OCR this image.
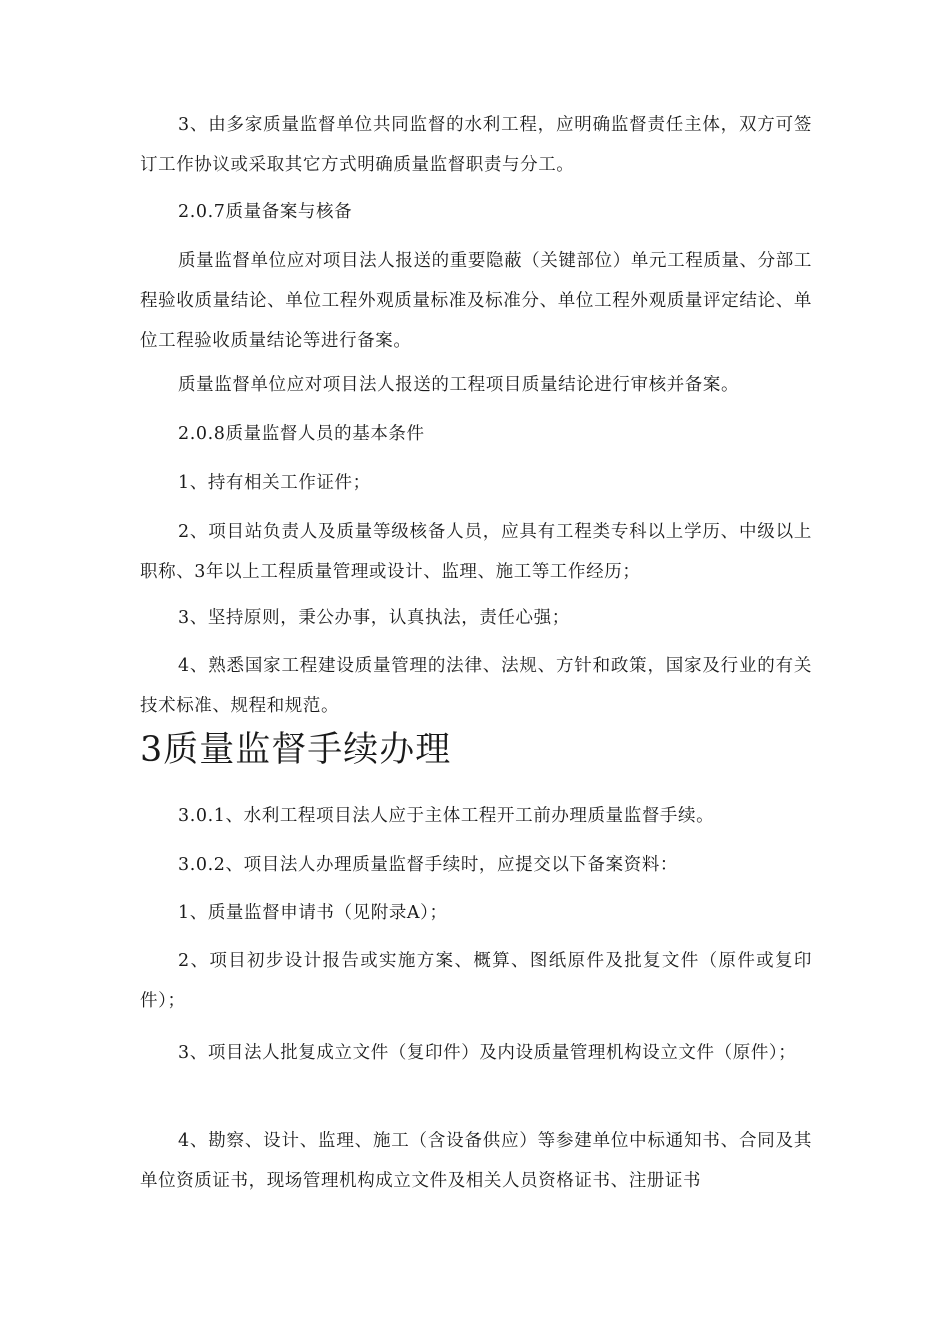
3、由多家质量监督单位共同监督的水利工程，应明确监督责任主体，双方可签订工作协议或采取其它方式明确质量监督职责与分工。

2.0.7质量备案与核备

质量监督单位应对项目法人报送的重要隐蔽（关键部位）单元工程质量、分部工程验收质量结论、单位工程外观质量标准及标准分、单位工程外观质量评定结论、单位工程验收质量结论等进行备案。

质量监督单位应对项目法人报送的工程项目质量结论进行审核并备案。

2.0.8质量监督人员的基本条件

1、持有相关工作证件；

2、项目站负责人及质量等级核备人员，应具有工程类专科以上学历、中级以上职称、3年以上工程质量管理或设计、监理、施工等工作经历；

3、坚持原则，秉公办事，认真执法，责任心强；

4、熟悉国家工程建设质量管理的法律、法规、方针和政策，国家及行业的有关技术标准、规程和规范。

3质量监督手续办理

3.0.1、水利工程项目法人应于主体工程开工前办理质量监督手续。

3.0.2、项目法人办理质量监督手续时，应提交以下备案资料：

1、质量监督申请书（见附录A）；

2、项目初步设计报告或实施方案、概算、图纸原件及批复文件（原件或复印件）；

3、项目法人批复成立文件（复印件）及内设质量管理机构设立文件（原件）；

4、勘察、设计、监理、施工（含设备供应）等参建单位中标通知书、合同及其单位资质证书，现场管理机构成立文件及相关人员资格证书、注册证书
